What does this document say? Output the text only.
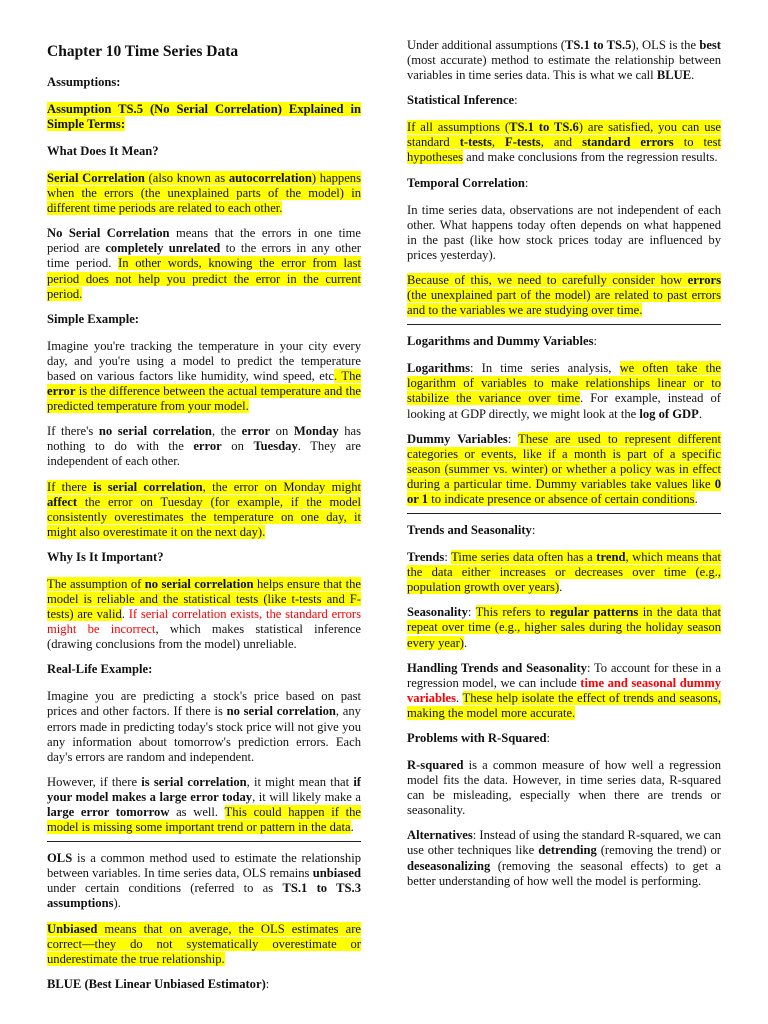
Chapter 10 Time Series Data
Assumptions:
Assumption TS.5 (No Serial Correlation) Explained in Simple Terms:
What Does It Mean?

Serial Correlation (also known as autocorrelation) happens when the errors (the unexplained parts of the model) in different time periods are related to each other.

No Serial Correlation means that the errors in one time period are completely unrelated to the errors in any other time period. In other words, knowing the error from last period does not help you predict the error in the current period.

Simple Example:

Imagine you're tracking the temperature in your city every day, and you're using a model to predict the temperature based on various factors like humidity, wind speed, etc. The error is the difference between the actual temperature and the predicted temperature from your model.

If there's no serial correlation, the error on Monday has nothing to do with the error on Tuesday. They are independent of each other.

If there is serial correlation, the error on Monday might affect the error on Tuesday (for example, if the model consistently overestimates the temperature on one day, it might also overestimate it on the next day).

Why Is It Important?

The assumption of no serial correlation helps ensure that the model is reliable and the statistical tests (like t-tests and F-tests) are valid. If serial correlation exists, the standard errors might be incorrect, which makes statistical inference (drawing conclusions from the model) unreliable.

Real-Life Example:

Imagine you are predicting a stock's price based on past prices and other factors. If there is no serial correlation, any errors made in predicting today's stock price will not give you any information about tomorrow's prediction errors. Each day's errors are random and independent.

However, if there is serial correlation, it might mean that if your model makes a large error today, it will likely make a large error tomorrow as well. This could happen if the model is missing some important trend or pattern in the data.

OLS is a common method used to estimate the relationship between variables. In time series data, OLS remains unbiased under certain conditions (referred to as TS.1 to TS.3 assumptions).

Unbiased means that on average, the OLS estimates are correct—they do not systematically overestimate or underestimate the true relationship.

BLUE (Best Linear Unbiased Estimator):

Under additional assumptions (TS.1 to TS.5), OLS is the best (most accurate) method to estimate the relationship between variables in time series data. This is what we call BLUE.

Statistical Inference:

If all assumptions (TS.1 to TS.6) are satisfied, you can use standard t-tests, F-tests, and standard errors to test hypotheses and make conclusions from the regression results.

Temporal Correlation:

In time series data, observations are not independent of each other. What happens today often depends on what happened in the past (like how stock prices today are influenced by prices yesterday).

Because of this, we need to carefully consider how errors (the unexplained part of the model) are related to past errors and to the variables we are studying over time.

Logarithms and Dummy Variables:

Logarithms: In time series analysis, we often take the logarithm of variables to make relationships linear or to stabilize the variance over time. For example, instead of looking at GDP directly, we might look at the log of GDP.

Dummy Variables: These are used to represent different categories or events, like if a month is part of a specific season (summer vs. winter) or whether a policy was in effect during a particular time. Dummy variables take values like 0 or 1 to indicate presence or absence of certain conditions.

Trends and Seasonality:

Trends: Time series data often has a trend, which means that the data either increases or decreases over time (e.g., population growth over years).

Seasonality: This refers to regular patterns in the data that repeat over time (e.g., higher sales during the holiday season every year).

Handling Trends and Seasonality: To account for these in a regression model, we can include time and seasonal dummy variables. These help isolate the effect of trends and seasons, making the model more accurate.

Problems with R-Squared:

R-squared is a common measure of how well a regression model fits the data. However, in time series data, R-squared can be misleading, especially when there are trends or seasonality.

Alternatives: Instead of using the standard R-squared, we can use other techniques like detrending (removing the trend) or deseasonalizing (removing the seasonal effects) to get a better understanding of how well the model is performing.
